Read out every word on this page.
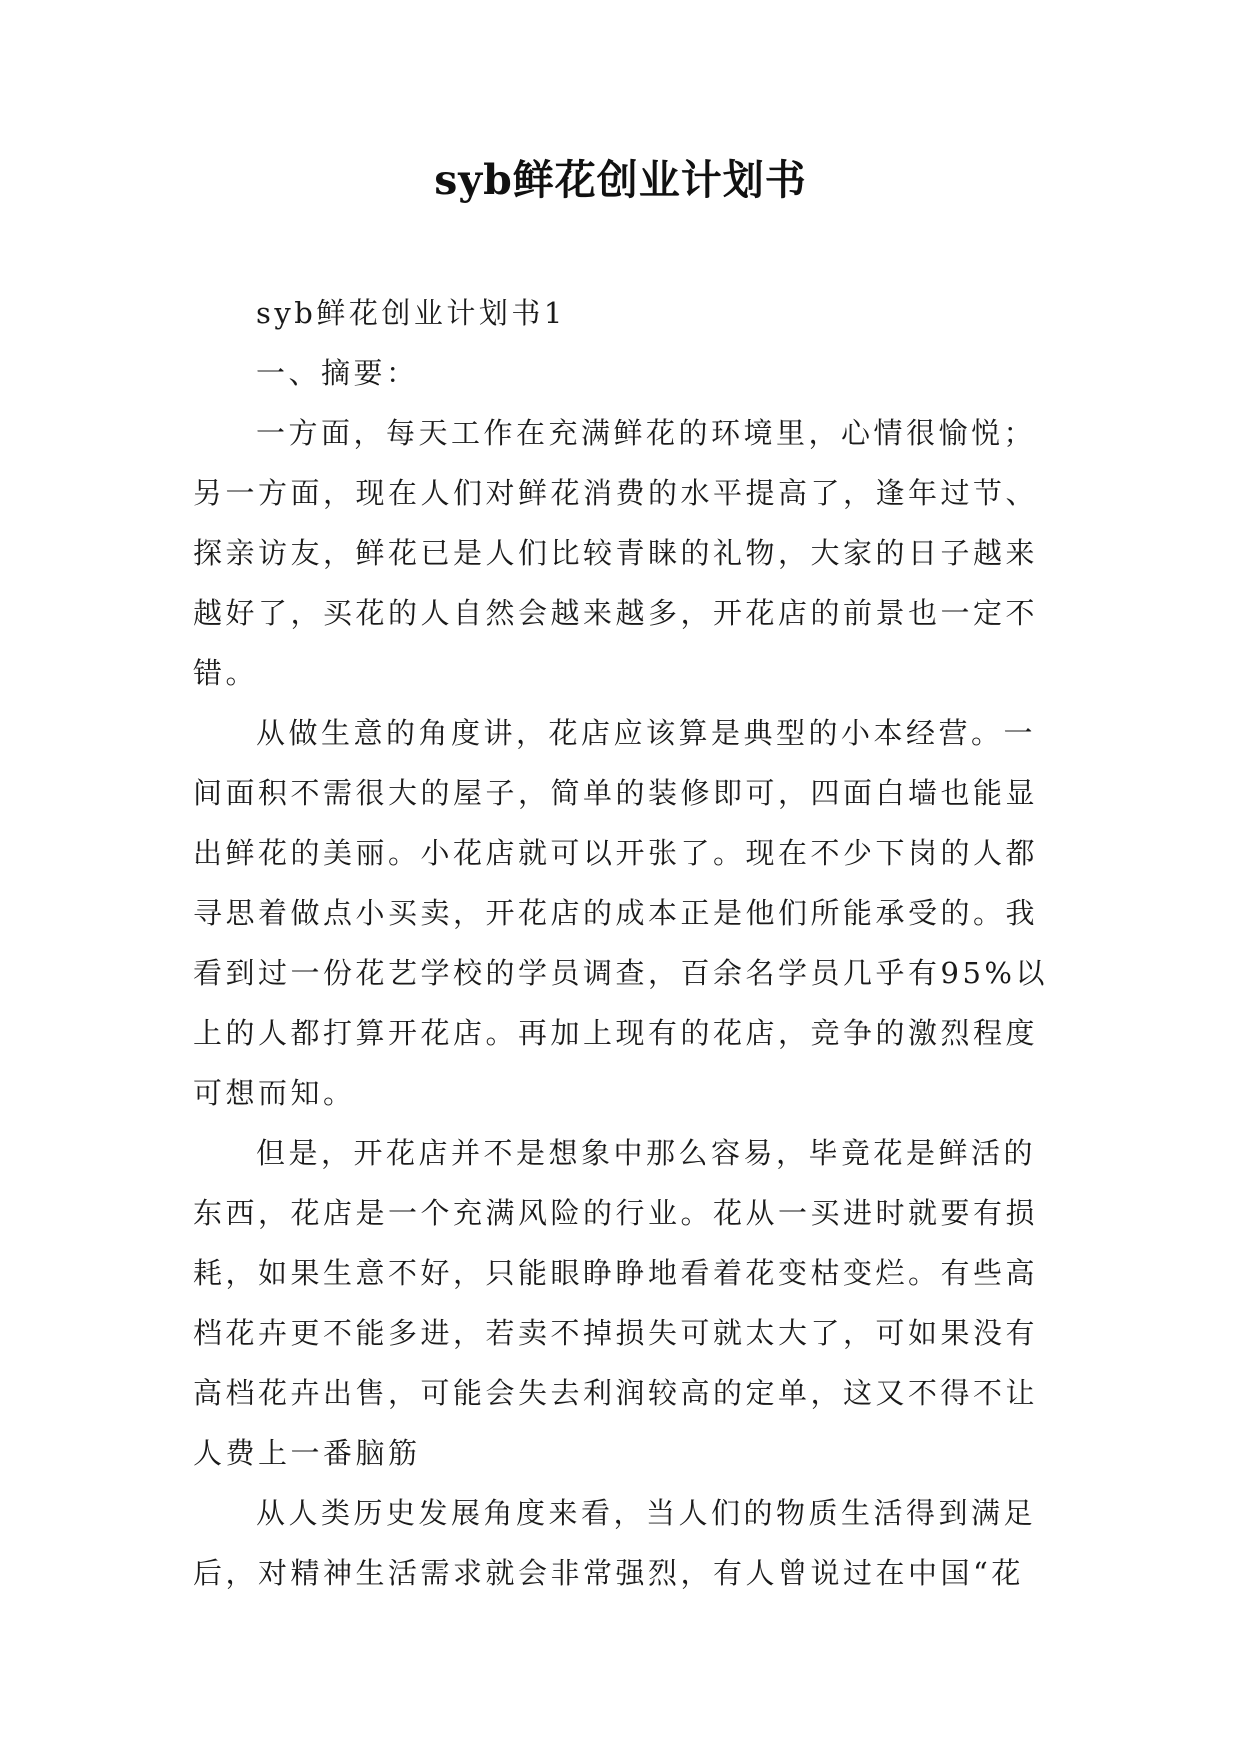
syb鲜花创业计划书
syb鲜花创业计划书1
一、摘要：
一方面，每天工作在充满鲜花的环境里，心情很愉悦；
另一方面，现在人们对鲜花消费的水平提高了，逢年过节、
探亲访友，鲜花已是人们比较青睐的礼物，大家的日子越来
越好了，买花的人自然会越来越多，开花店的前景也一定不
错。
从做生意的角度讲，花店应该算是典型的小本经营。一
间面积不需很大的屋子，简单的装修即可，四面白墙也能显
出鲜花的美丽。小花店就可以开张了。现在不少下岗的人都
寻思着做点小买卖，开花店的成本正是他们所能承受的。我
看到过一份花艺学校的学员调查，百余名学员几乎有95%以
上的人都打算开花店。再加上现有的花店，竞争的激烈程度
可想而知。
但是，开花店并不是想象中那么容易，毕竟花是鲜活的
东西，花店是一个充满风险的行业。花从一买进时就要有损
耗，如果生意不好，只能眼睁睁地看着花变枯变烂。有些高
档花卉更不能多进，若卖不掉损失可就太大了，可如果没有
高档花卉出售，可能会失去利润较高的定单，这又不得不让
人费上一番脑筋
从人类历史发展角度来看，当人们的物质生活得到满足
后，对精神生活需求就会非常强烈，有人曾说过在中国“花
